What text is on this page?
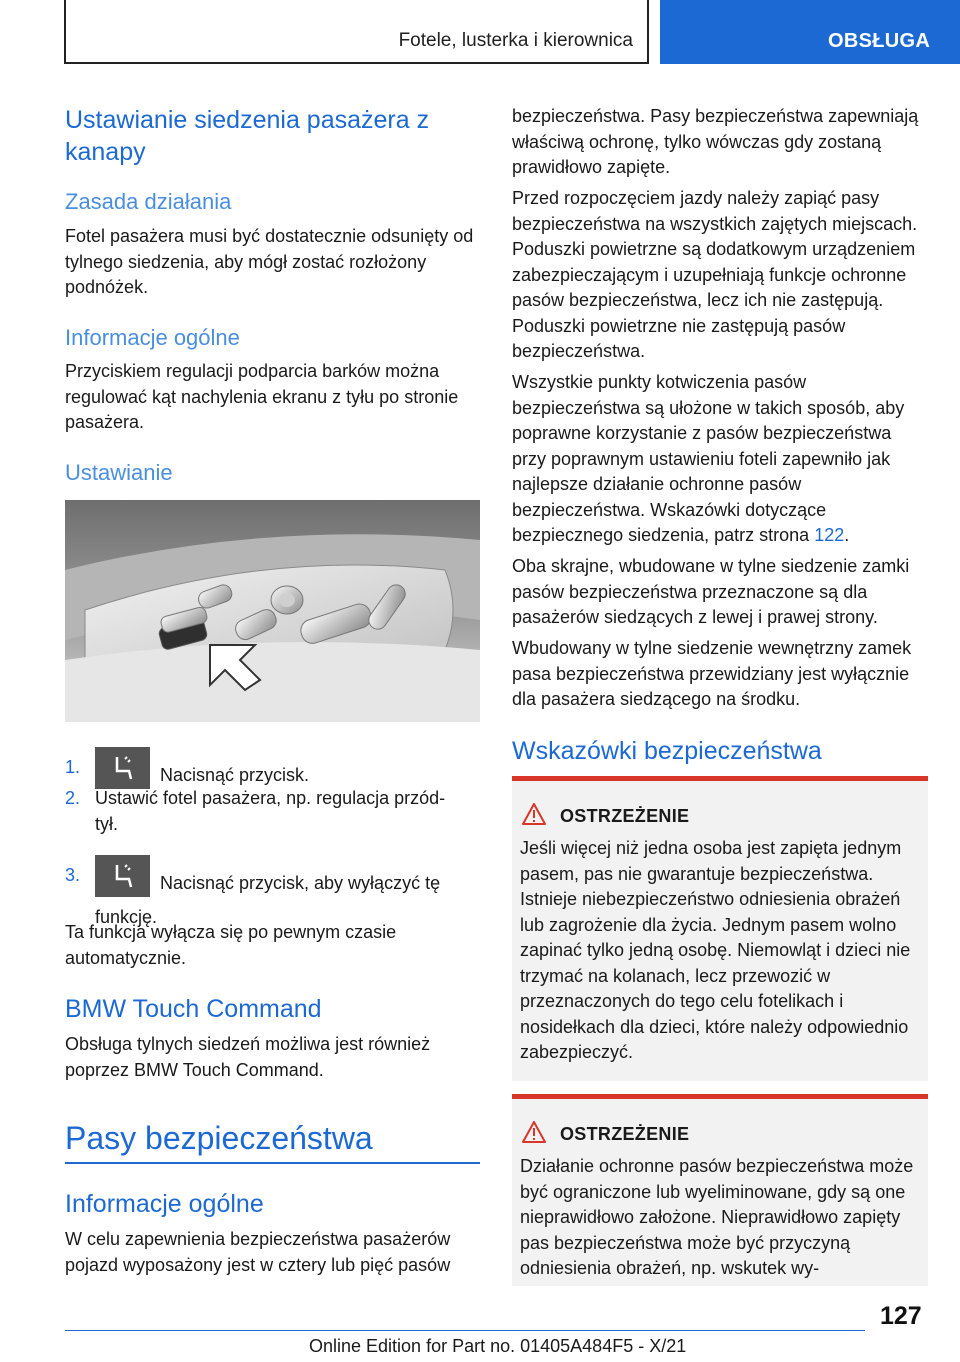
Fotele, lusterka i kierownica	OBSŁUGA
Ustawianie siedzenia pasażera z kanapy
Zasada działania
Fotel pasażera musi być dostatecznie odsunięty od tylnego siedzenia, aby mógł zostać rozłożony podnóżek.
Informacje ogólne
Przyciskiem regulacji podparcia barków można regulować kąt nachylenia ekranu z tyłu po stronie pasażera.
Ustawianie
1.	Nacisnąć przycisk.
2. Ustawić fotel pasażera, np. regulacja przód-tył.
3.	Nacisnąć przycisk, aby wyłączyć tę funkcję.
Ta funkcja wyłącza się po pewnym czasie automatycznie.
BMW Touch Command
Obsługa tylnych siedzeń możliwa jest również poprzez BMW Touch Command.
Pasy bezpieczeństwa
Informacje ogólne
W celu zapewnienia bezpieczeństwa pasażerów pojazd wyposażony jest w cztery lub pięć pasów
bezpieczeństwa. Pasy bezpieczeństwa zapewniają właściwą ochronę, tylko wówczas gdy zostaną prawidłowo zapięte.
Przed rozpoczęciem jazdy należy zapiąć pasy bezpieczeństwa na wszystkich zajętych miejscach. Poduszki powietrzne są dodatkowym urządzeniem zabezpieczającym i uzupełniają funkcje ochronne pasów bezpieczeństwa, lecz ich nie zastępują. Poduszki powietrzne nie zastępują pasów bezpieczeństwa.
Wszystkie punkty kotwiczenia pasów bezpieczeństwa są ułożone w takich sposób, aby poprawne korzystanie z pasów bezpieczeństwa przy poprawnym ustawieniu foteli zapewniło jak najlepsze działanie ochronne pasów bezpieczeństwa. Wskazówki dotyczące bezpiecznego siedzenia, patrz strona 122.
Oba skrajne, wbudowane w tylne siedzenie zamki pasów bezpieczeństwa przeznaczone są dla pasażerów siedzących z lewej i prawej strony.
Wbudowany w tylne siedzenie wewnętrzny zamek pasa bezpieczeństwa przewidziany jest wyłącznie dla pasażera siedzącego na środku.
Wskazówki bezpieczeństwa
OSTRZEŻENIE
Jeśli więcej niż jedna osoba jest zapięta jednym pasem, pas nie gwarantuje bezpieczeństwa. Istnieje niebezpieczeństwo odniesienia obrażeń lub zagrożenie dla życia. Jednym pasem wolno zapinać tylko jedną osobę. Niemowląt i dzieci nie trzymać na kolanach, lecz przewozić w przeznaczonych do tego celu fotelikach i nosidełkach dla dzieci, które należy odpowiednio zabezpieczyć.
OSTRZEŻENIE
Działanie ochronne pasów bezpieczeństwa może być ograniczone lub wyeliminowane, gdy są one nieprawidłowo założone. Nieprawidłowo zapięty pas bezpieczeństwa może być przyczyną odniesienia obrażeń, np. wskutek wy-
127
Online Edition for Part no. 01405A484F5 - X/21
